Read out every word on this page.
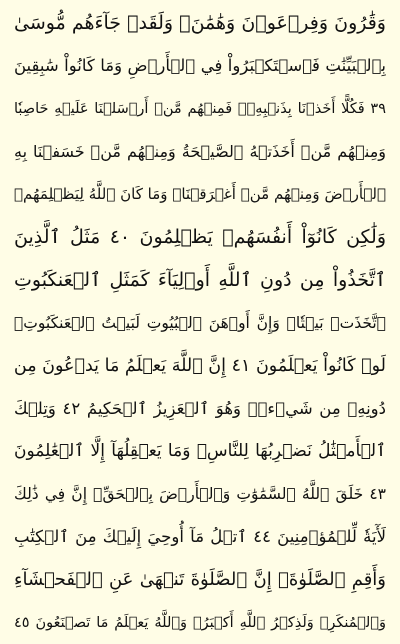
وَقَٰرُونَ وَفِرۡعَوۡنَ وَهَٰمَٰنَۖ وَلَقَدۡ جَآءَهُم مُّوسَىٰ
بِٱلۡبَيِّنَٰتِ فَٱسۡتَكۡبَرُواْ فِي ٱلۡأَرۡضِ وَمَا كَانُواْ سَٰبِقِينَ
٣٩ فَكُلًّا أَخَذۡنَا بِذَنۢبِهِۦۖ فَمِنۡهُم مَّنۡ أَرۡسَلۡنَا عَلَيۡهِ حَاصِبٗا
وَمِنۡهُم مَّنۡ أَخَذَتۡهُ ٱلصَّيۡحَةُ وَمِنۡهُم مَّنۡ خَسَفۡنَا بِهِ
ٱلۡأَرۡضَ وَمِنۡهُم مَّنۡ أَغۡرَقۡنَاۚ وَمَا كَانَ ٱللَّهُ لِيَظۡلِمَهُمۡ
وَلَٰكِن كَانُوٓاْ أَنفُسَهُمۡ يَظۡلِمُونَ ٤٠ مَثَلُ ٱلَّذِينَ
ٱتَّخَذُواْ مِن دُونِ ٱللَّهِ أَوۡلِيَآءَ كَمَثَلِ ٱلۡعَنكَبُوتِ
ٱتَّخَذَتۡ بَيۡتٗاۖ وَإِنَّ أَوۡهَنَ ٱلۡبُيُوتِ لَبَيۡتُ ٱلۡعَنكَبُوتِۚ
لَوۡ كَانُواْ يَعۡلَمُونَ ٤١ إِنَّ ٱللَّهَ يَعۡلَمُ مَا يَدۡعُونَ مِن
دُونِهِۦ مِن شَيۡءٖۚ وَهُوَ ٱلۡعَزِيزُ ٱلۡحَكِيمُ ٤٢ وَتِلۡكَ
ٱلۡأَمۡثَٰلُ نَضۡرِبُهَا لِلنَّاسِۖ وَمَا يَعۡقِلُهَآ إِلَّا ٱلۡعَٰلِمُونَ
٤٣ خَلَقَ ٱللَّهُ ٱلسَّمَٰوَٰتِ وَٱلۡأَرۡضَ بِٱلۡحَقِّۚ إِنَّ فِي ذَٰلِكَ
لَأٓيَةٗ لِّلۡمُؤۡمِنِينَ ٤٤ ٱتۡلُ مَآ أُوحِيَ إِلَيۡكَ مِنَ ٱلۡكِتَٰبِ
وَأَقِمِ ٱلصَّلَوٰةَۖ إِنَّ ٱلصَّلَوٰةَ تَنۡهَىٰ عَنِ ٱلۡفَحۡشَآءِ
وَٱلۡمُنكَرِۗ وَلَذِكۡرُ ٱللَّهِ أَكۡبَرُۗ وَٱللَّهُ يَعۡلَمُ مَا تَصۡنَعُونَ ٤٥
